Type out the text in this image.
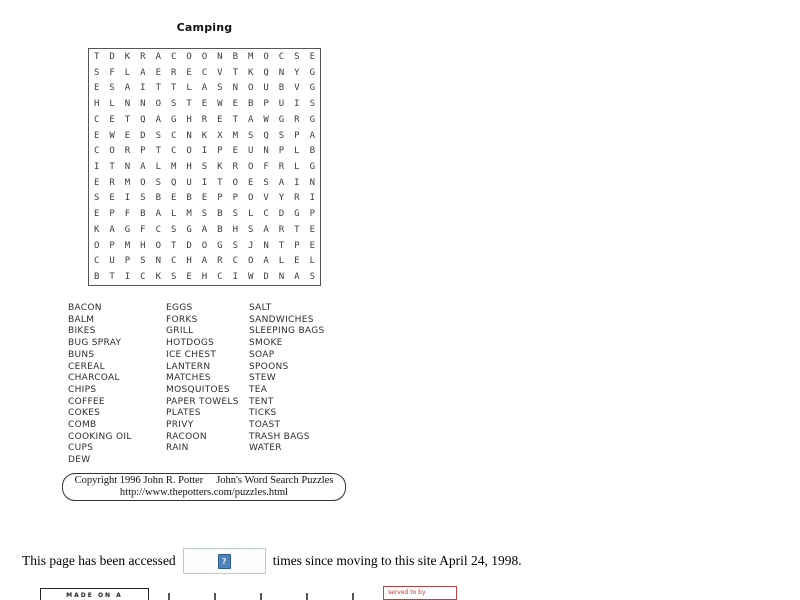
Camping
T	D	K	R	A	C	O	O	N	B	M	O	C	S	E
S	F	L	A	E	R	E	C	V	T	K	Q	N	Y	G
E	S	A	I	T	T	L	A	S	N	O	U	B	V	G
H	L	N	N	O	S	T	E	W	E	B	P	U	I	S
C	E	T	Q	A	G	H	R	E	T	A	W	G	R	G
E	W	E	D	S	C	N	K	X	M	S	Q	S	P	A
C	O	R	P	T	C	O	I	P	E	U	N	P	L	B
I	T	N	A	L	M	H	S	K	R	O	F	R	L	G
E	R	M	O	S	Q	U	I	T	O	E	S	A	I	N
S	E	I	S	B	E	B	E	P	P	O	V	Y	R	I
E	P	F	B	A	L	M	S	B	S	L	C	D	G	P
K	A	G	F	C	S	G	A	B	H	S	A	R	T	E
O	P	M	H	O	T	D	O	G	S	J	N	T	P	E
C	U	P	S	N	C	H	A	R	C	O	A	L	E	L
B	T	I	C	K	S	E	H	C	I	W	D	N	A	S
BACON
BALM
BIKES
BUG SPRAY
BUNS
CEREAL
CHARCOAL
CHIPS
COFFEE
COKES
COMB
COOKING OIL
CUPS
DEW
EGGS
FORKS
GRILL
HOTDOGS
ICE CHEST
LANTERN
MATCHES
MOSQUITOES
PAPER TOWELS
PLATES
PRIVY
RACOON
RAIN
SALT
SANDWICHES
SLEEPING BAGS
SMOKE
SOAP
SPOONS
STEW
TEA
TENT
TICKS
TOAST
TRASH BAGS
WATER
Copyright 1996 John R. Potter John's Word Search Puzzles
http://www.thepotters.com/puzzles.html
This page has been accessed	?	times since moving to this site April 24, 1998.
MADE ON A	served to by
